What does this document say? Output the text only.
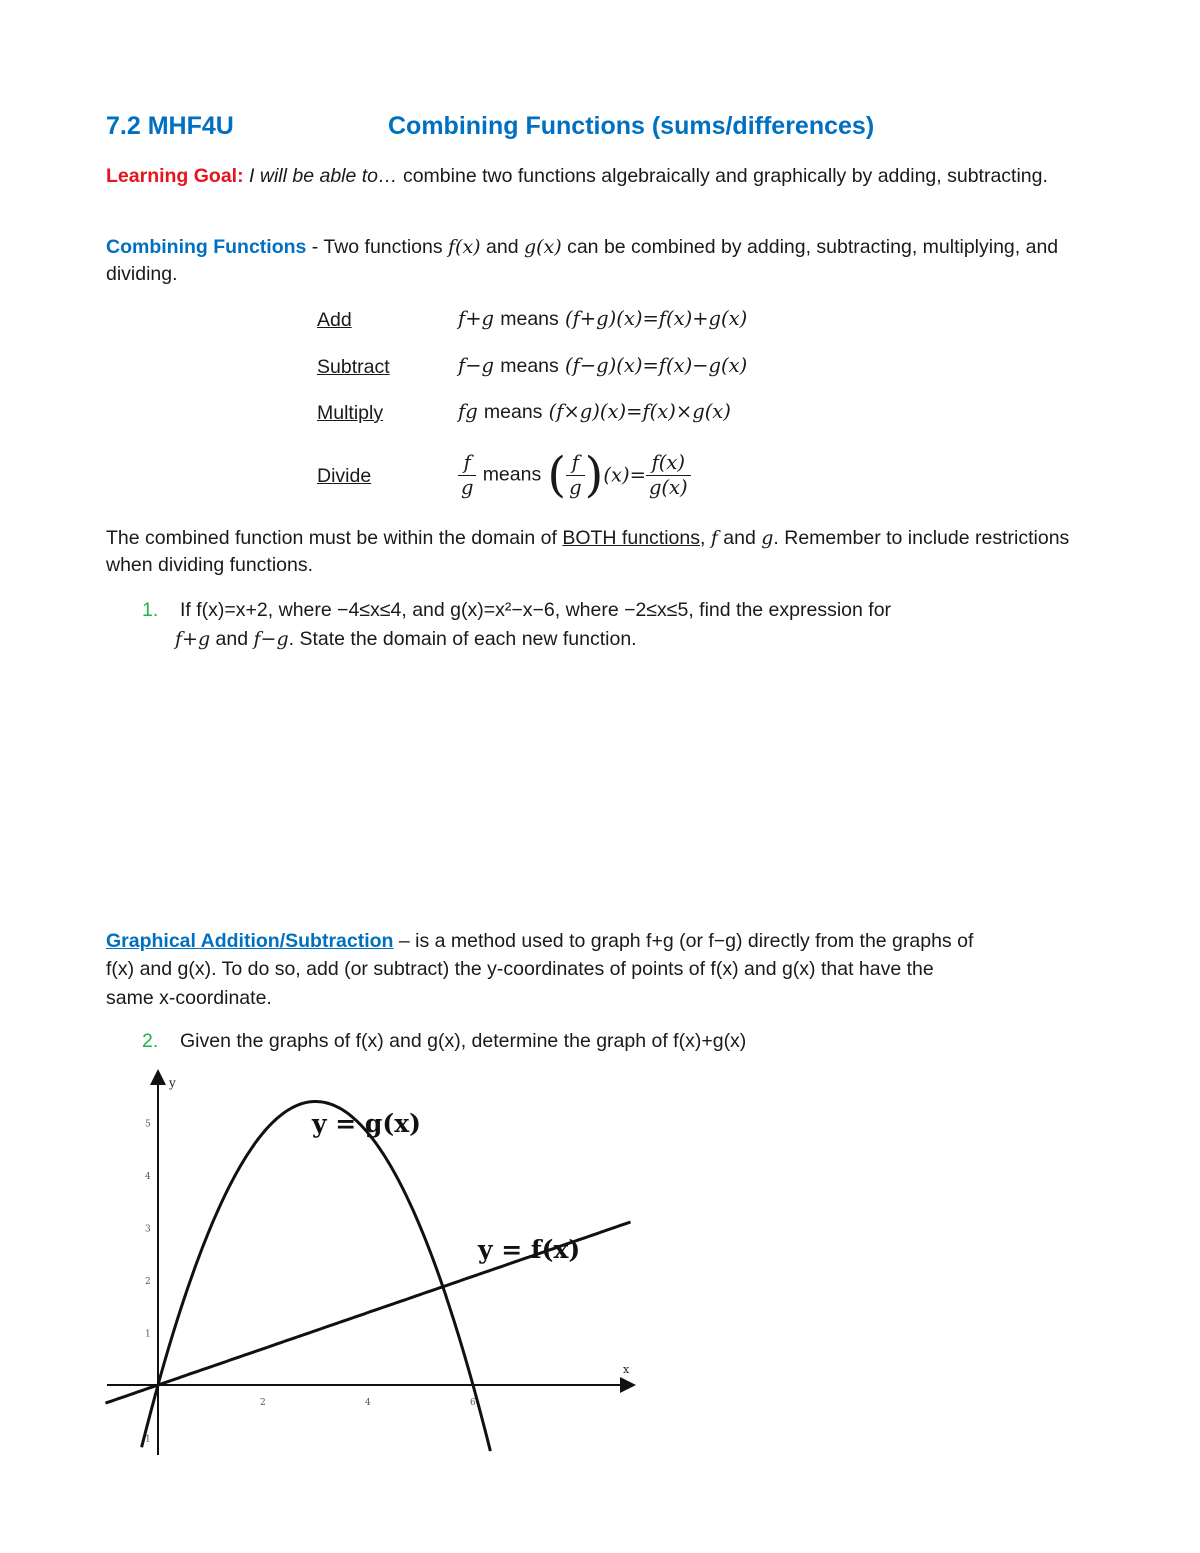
7.2 MHF4U	Combining Functions (sums/differences)
Learning Goal: I will be able to… combine two functions algebraically and graphically by adding, subtracting.
Combining Functions - Two functions f(x) and g(x) can be combined by adding, subtracting, multiplying, and dividing.
Add	f+g means (f+g)(x)=f(x)+g(x)
Subtract	f−g means (f−g)(x)=f(x)−g(x)
Multiply	fg means (f×g)(x)=f(x)×g(x)
Divide	$\frac{f}{g}$ means ( $\frac{f}{g} )(x)= \frac{f(x)}{g(x)}$
The combined function must be within the domain of BOTH functions, f and g. Remember to include restrictions when dividing functions.
1. If f(x)=x+2, where −4≤x≤4, and g(x)=x²−x−6, where −2≤x≤5, find the expression for
f+g and f−g. State the domain of each new function.
Graphical Addition/Subtraction – is a method used to graph f+g (or f−g) directly from the graphs of
f(x) and g(x). To do so, add (or subtract) the y-coordinates of points of f(x) and g(x) that have the
same x-coordinate.
2. Given the graphs of f(x) and g(x), determine the graph of f(x)+g(x)
x
y
2	4	6
1
1
2
3
4
5	y = g(x)
y = f(x)
